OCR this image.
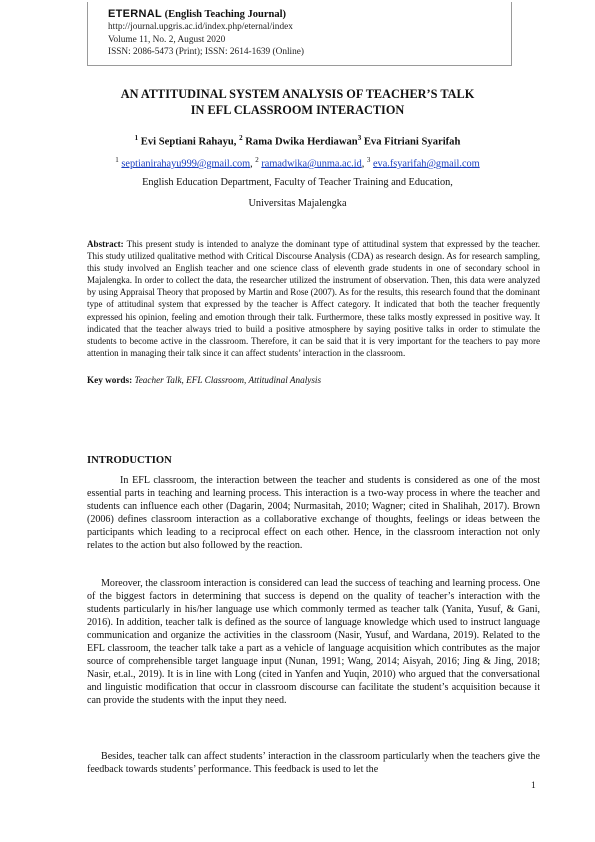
ETERNAL (English Teaching Journal)

http://journal.upgris.ac.id/index.php/eternal/index

Volume 11, No. 2, August 2020

ISSN: 2086-5473 (Print); ISSN: 2614-1639 (Online)

AN ATTITUDINAL SYSTEM ANALYSIS OF TEACHER’S TALK
IN EFL CLASSROOM INTERACTION

$^1$ Evi Septiani Rahayu, $^2$ Rama Dwika Herdiawan$^3$ Eva Fitriani Syarifah

$^1$ septianirahayu999@gmail.com, $^2$ ramadwika@unma.ac.id, $^3$ eva.fsyarifah@gmail.com

English Education Department, Faculty of Teacher Training and Education,

Universitas Majalengka

Abstract: This present study is intended to analyze the dominant type of attitudinal system that expressed by the teacher. This study utilized qualitative method with Critical Discourse Analysis (CDA) as research design. As for research sampling, this study involved an English teacher and one science class of eleventh grade students in one of secondary school in Majalengka. In order to collect the data, the researcher utilized the instrument of observation. Then, this data were analyzed by using Appraisal Theory that proposed by Martin and Rose (2007). As for the results, this research found that the dominant type of attitudinal system that expressed by the teacher is Affect category. It indicated that both the teacher frequently expressed his opinion, feeling and emotion through their talk. Furthermore, these talks mostly expressed in positive way. It indicated that the teacher always tried to build a positive atmosphere by saying positive talks in order to stimulate the students to become active in the classroom. Therefore, it can be said that it is very important for the teachers to pay more attention in managing their talk since it can affect students’ interaction in the classroom.

Key words: Teacher Talk, EFL Classroom, Attitudinal Analysis

INTRODUCTION

In EFL classroom, the interaction between the teacher and students is considered as one of the most essential parts in teaching and learning process. This interaction is a two-way process in where the teacher and students can influence each other (Dagarin, 2004; Nurmasitah, 2010; Wagner; cited in Shalihah, 2017). Brown (2006) defines classroom interaction as a collaborative exchange of thoughts, feelings or ideas between the participants which leading to a reciprocal effect on each other. Hence, in the classroom interaction not only relates to the action but also followed by the reaction.

Moreover, the classroom interaction is considered can lead the success of teaching and learning process. One of the biggest factors in determining that success is depend on the quality of teacher’s interaction with the students particularly in his/her language use which commonly termed as teacher talk (Yanita, Yusuf, & Gani, 2016). In addition, teacher talk is defined as the source of language knowledge which used to instruct language communication and organize the activities in the classroom (Nasir, Yusuf, and Wardana, 2019). Related to the EFL classroom, the teacher talk take a part as a vehicle of language acquisition which contributes as the major source of comprehensible target language input (Nunan, 1991; Wang, 2014; Aisyah, 2016; Jing & Jing, 2018; Nasir, et.al., 2019). It is in line with Long (cited in Yanfen and Yuqin, 2010) who argued that the conversational and linguistic modification that occur in classroom discourse can facilitate the student’s acquisition because it can provide the students with the input they need.

Besides, teacher talk can affect students’ interaction in the classroom particularly when the teachers give the feedback towards students’ performance. This feedback is used to let the

1
